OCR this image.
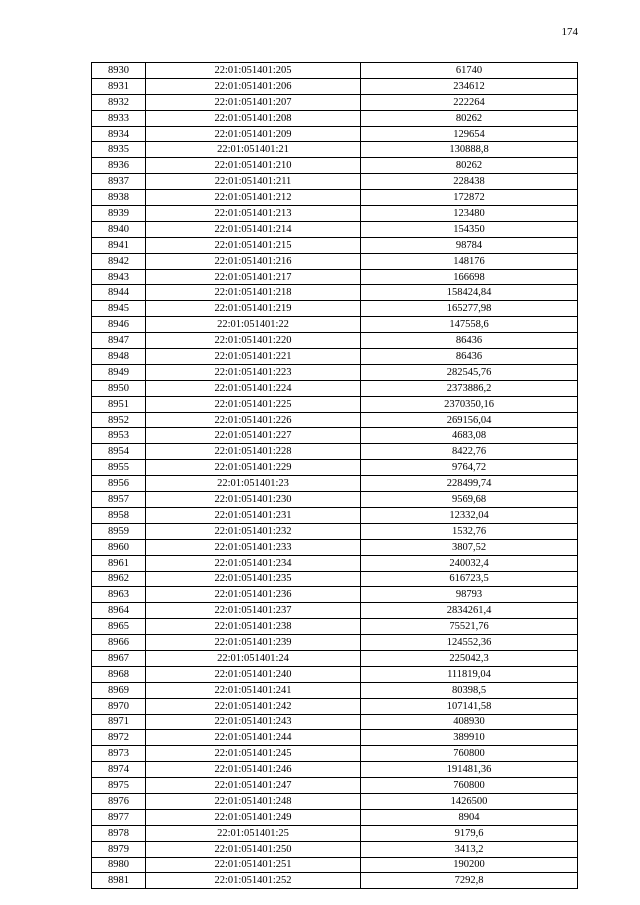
174
8930	22:01:051401:205	61740
8931	22:01:051401:206	234612
8932	22:01:051401:207	222264
8933	22:01:051401:208	80262
8934	22:01:051401:209	129654
8935	22:01:051401:21	130888,8
8936	22:01:051401:210	80262
8937	22:01:051401:211	228438
8938	22:01:051401:212	172872
8939	22:01:051401:213	123480
8940	22:01:051401:214	154350
8941	22:01:051401:215	98784
8942	22:01:051401:216	148176
8943	22:01:051401:217	166698
8944	22:01:051401:218	158424,84
8945	22:01:051401:219	165277,98
8946	22:01:051401:22	147558,6
8947	22:01:051401:220	86436
8948	22:01:051401:221	86436
8949	22:01:051401:223	282545,76
8950	22:01:051401:224	2373886,2
8951	22:01:051401:225	2370350,16
8952	22:01:051401:226	269156,04
8953	22:01:051401:227	4683,08
8954	22:01:051401:228	8422,76
8955	22:01:051401:229	9764,72
8956	22:01:051401:23	228499,74
8957	22:01:051401:230	9569,68
8958	22:01:051401:231	12332,04
8959	22:01:051401:232	1532,76
8960	22:01:051401:233	3807,52
8961	22:01:051401:234	240032,4
8962	22:01:051401:235	616723,5
8963	22:01:051401:236	98793
8964	22:01:051401:237	2834261,4
8965	22:01:051401:238	75521,76
8966	22:01:051401:239	124552,36
8967	22:01:051401:24	225042,3
8968	22:01:051401:240	111819,04
8969	22:01:051401:241	80398,5
8970	22:01:051401:242	107141,58
8971	22:01:051401:243	408930
8972	22:01:051401:244	389910
8973	22:01:051401:245	760800
8974	22:01:051401:246	191481,36
8975	22:01:051401:247	760800
8976	22:01:051401:248	1426500
8977	22:01:051401:249	8904
8978	22:01:051401:25	9179,6
8979	22:01:051401:250	3413,2
8980	22:01:051401:251	190200
8981	22:01:051401:252	7292,8
